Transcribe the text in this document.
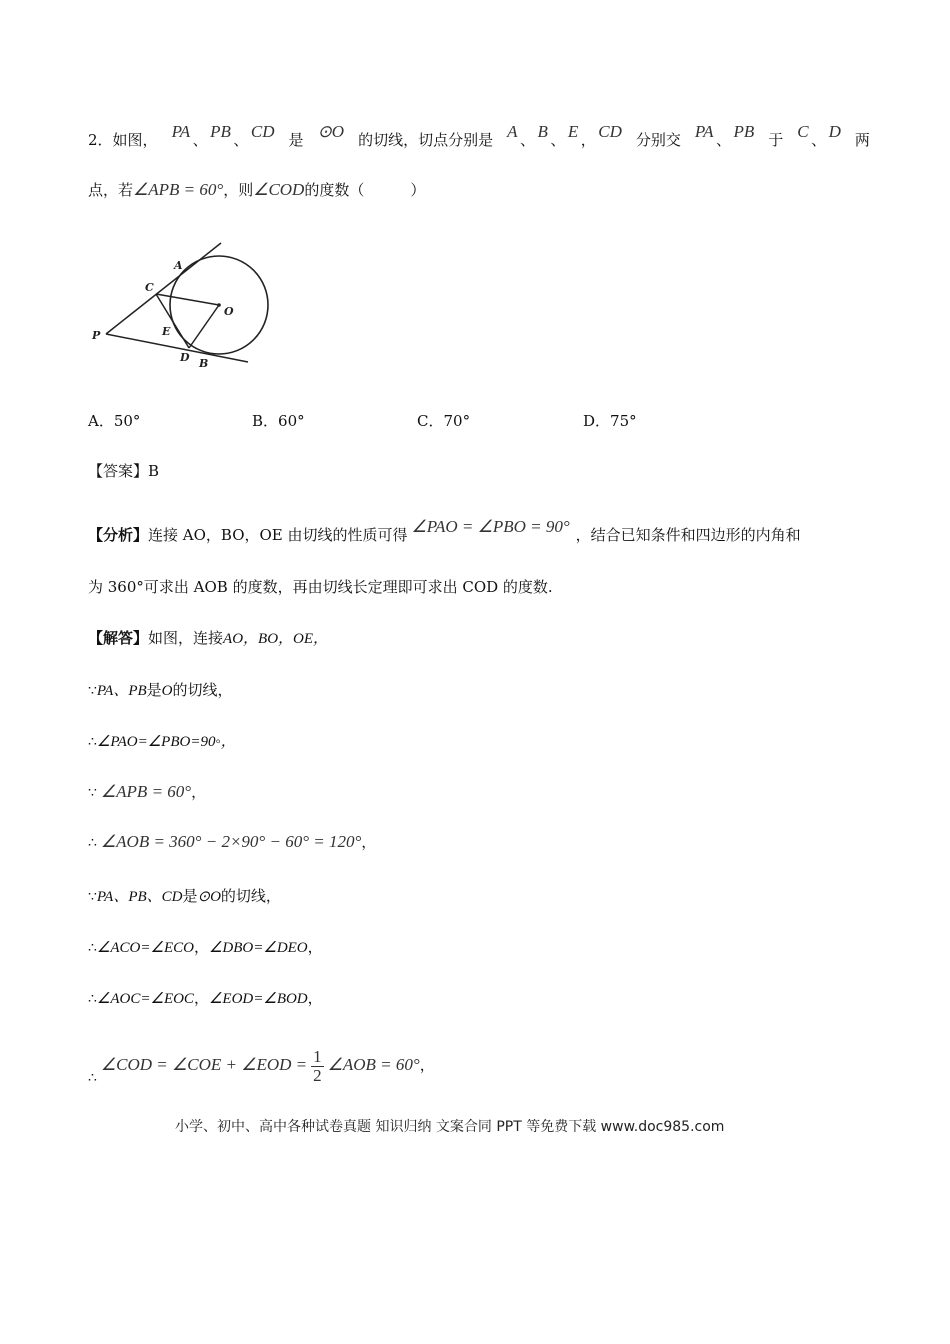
2．如图， PA 、 PB 、 CD 是 ⊙O 的切线，切点分别是 A 、 B 、 E ， CD 分别交 PA 、 PB 于 C 、 D 两
点，若∠APB = 60°，则∠COD的度数（	）
A
C
O
E
P
D B
A．50°	B．60°	C．70°	D．75°
【答案】B
【分析】连接 AO，BO，OE 由切线的性质可得 ∠PAO = ∠PBO = 90° ，结合已知条件和四边形的内角和
为 360°可求出 AOB 的度数，再由切线长定理即可求出 COD 的度数.
【解答】如图，连接AO，BO，OE，
∵PA、PB是O的切线，
∴∠PAO=∠PBO=90◦，
∵ ∠APB = 60°，
∴ ∠AOB = 360° − 2×90° − 60° = 120°，
∵PA、PB、CD是⊙O的切线，
∴∠ACO=∠ECO，∠DBO=∠DEO，
∴∠AOC=∠EOC，∠EOD=∠BOD，
∴∠COD = ∠COE + ∠EOD = $\frac{1}{2}$ ∠AOB = 60°，
小学、初中、高中各种试卷真题 知识归纳 文案合同 PPT 等免费下载 www.doc985.com
